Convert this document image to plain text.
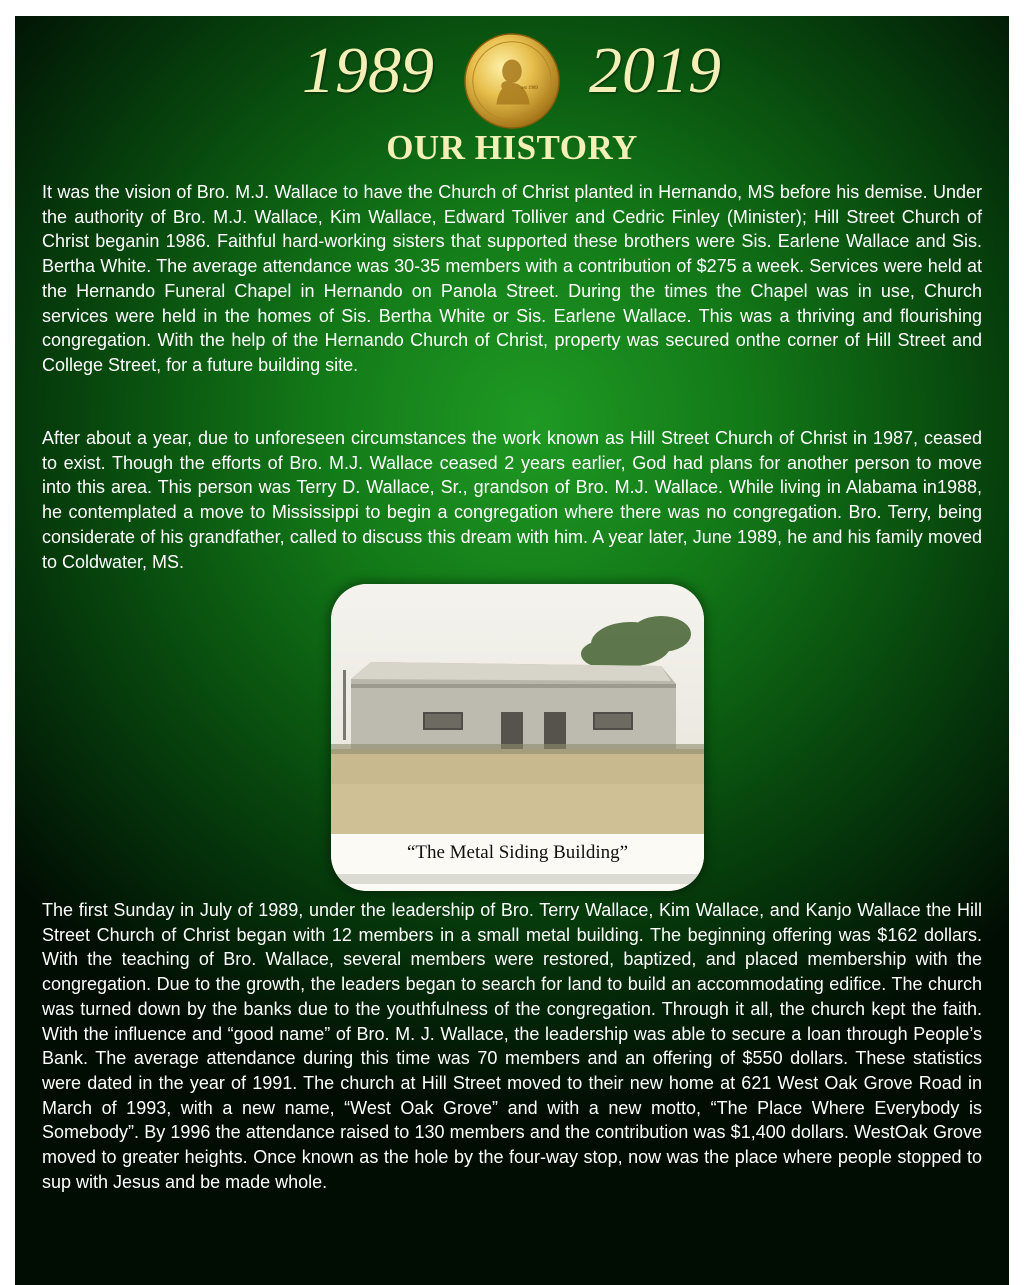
1989	est 1989 2019
OUR HISTORY

It was the vision of Bro. M.J. Wallace to have the Church of Christ planted in Hernando, MS before his demise. Under the authority of Bro. M.J. Wallace, Kim Wallace, Edward Tolliver and Cedric Finley (Minister); Hill Street Church of Christ beganin 1986. Faithful hard-working sisters that supported these brothers were Sis. Earlene Wallace and Sis. Bertha White. The average attendance was 30-35 members with a contribution of $275 a week. Services were held at the Hernando Funeral Chapel in Hernando on Panola Street. During the times the Chapel was in use, Church services were held in the homes of Sis. Bertha White or Sis. Earlene Wallace. This was a thriving and flourishing congregation. With the help of the Hernando Church of Christ, property was secured onthe corner of Hill Street and College Street, for a future building site.

After about a year, due to unforeseen circumstances the work known as Hill Street Church of Christ in 1987, ceased to exist. Though the efforts of Bro. M.J. Wallace ceased 2 years earlier, God had plans for another person to move into this area. This person was Terry D. Wallace, Sr., grandson of Bro. M.J. Wallace. While living in Alabama in1988, he contemplated a move to Mississippi to begin a congregation where there was no congregation. Bro. Terry, being considerate of his grandfather, called to discuss this dream with him. A year later, June 1989, he and his family moved to Coldwater, MS.

“The Metal Siding Building”

The first Sunday in July of 1989, under the leadership of Bro. Terry Wallace, Kim Wallace, and Kanjo Wallace the Hill Street Church of Christ began with 12 members in a small metal building. The beginning offering was $162 dollars. With the teaching of Bro. Wallace, several members were restored, baptized, and placed membership with the congregation. Due to the growth, the leaders began to search for land to build an accommodating edifice. The church was turned down by the banks due to the youthfulness of the congregation. Through it all, the church kept the faith. With the influence and “good name” of Bro. M. J. Wallace, the leadership was able to secure a loan through People’s Bank. The average attendance during this time was 70 members and an offering of $550 dollars. These statistics were dated in the year of 1991. The church at Hill Street moved to their new home at 621 West Oak Grove Road in March of 1993, with a new name, “West Oak Grove” and with a new motto, “The Place Where Everybody is Somebody”. By 1996 the attendance raised to 130 members and the contribution was $1,400 dollars. WestOak Grove moved to greater heights. Once known as the hole by the four-way stop, now was the place where people stopped to sup with Jesus and be made whole.
